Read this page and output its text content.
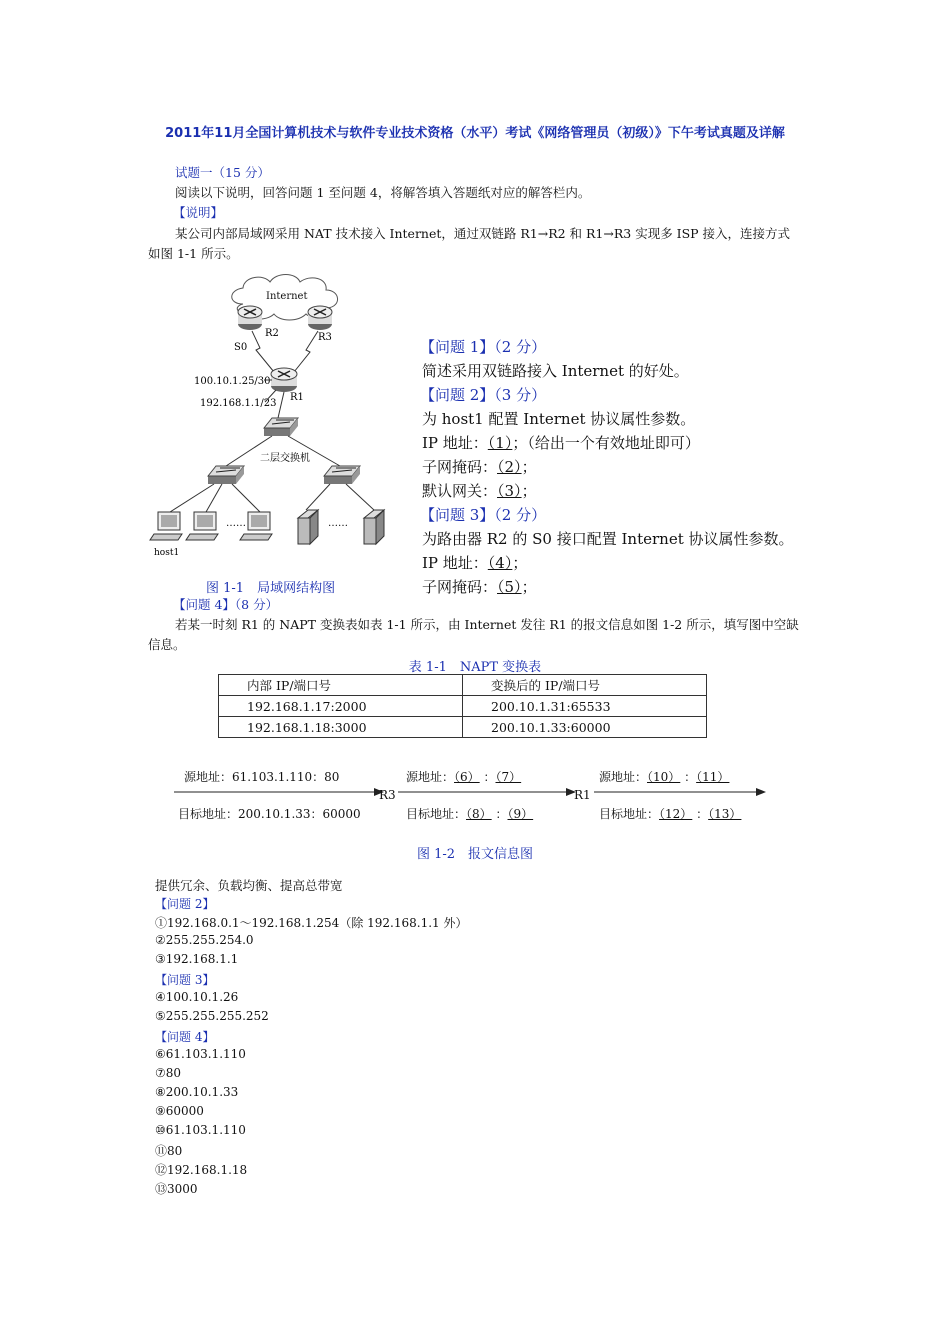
2011年11月全国计算机技术与软件专业技术资格（水平）考试《网络管理员（初级）》下午考试真题及详解
试题一（15 分）
阅读以下说明，回答问题 1 至问题 4，将解答填入答题纸对应的解答栏内。
【说明】
某公司内部局域网采用 NAT 技术接入 Internet，通过双链路 R1→R2 和 R1→R3 实现多 ISP 接入，连接方式
如图 1-1 所示。
Internet
R2	R3
S0
100.10.1.25/30
192.168.1.1/23
R1
二层交换机
……
host1
……
图 1-1　局域网结构图
【问题 1】（2 分）
简述采用双链路接入 Internet 的好处。
【问题 2】（3 分）
为 host1 配置 Internet 协议属性参数。
IP 地址：（1）；（给出一个有效地址即可）
子网掩码：（2）；
默认网关：（3）；
【问题 3】（2 分）
为路由器 R2 的 S0 接口配置 Internet 协议属性参数。
IP 地址：（4）；
子网掩码：（5）；
【问题 4】（8 分）
若某一时刻 R1 的 NAPT 变换表如表 1-1 所示，由 Internet 发往 R1 的报文信息如图 1-2 所示，填写图中空缺
信息。
表 1-1　NAPT 变换表
内部 IP/端口号	变换后的 IP/端口号
192.168.1.17:2000	200.10.1.31:65533
192.168.1.18:3000	200.10.1.33:60000
源地址：61.103.1.110：80
目标地址：200.10.1.33：60000
R3	R1
源地址：（6） ：（7）
目标地址：（8） ：（9）
源地址：（10） ：（11）
目标地址：（12） ：（13）
图 1-2　报文信息图
提供冗余、负载均衡、提高总带宽
【问题 2】
①192.168.0.1～192.168.1.254（除 192.168.1.1 外）
②255.255.254.0
③192.168.1.1
【问题 3】
④100.10.1.26
⑤255.255.255.252
【问题 4】
⑥61.103.1.110
⑦80
⑧200.10.1.33
⑨60000
⑩61.103.1.110
⑪80
⑫192.168.1.18
⑬3000
